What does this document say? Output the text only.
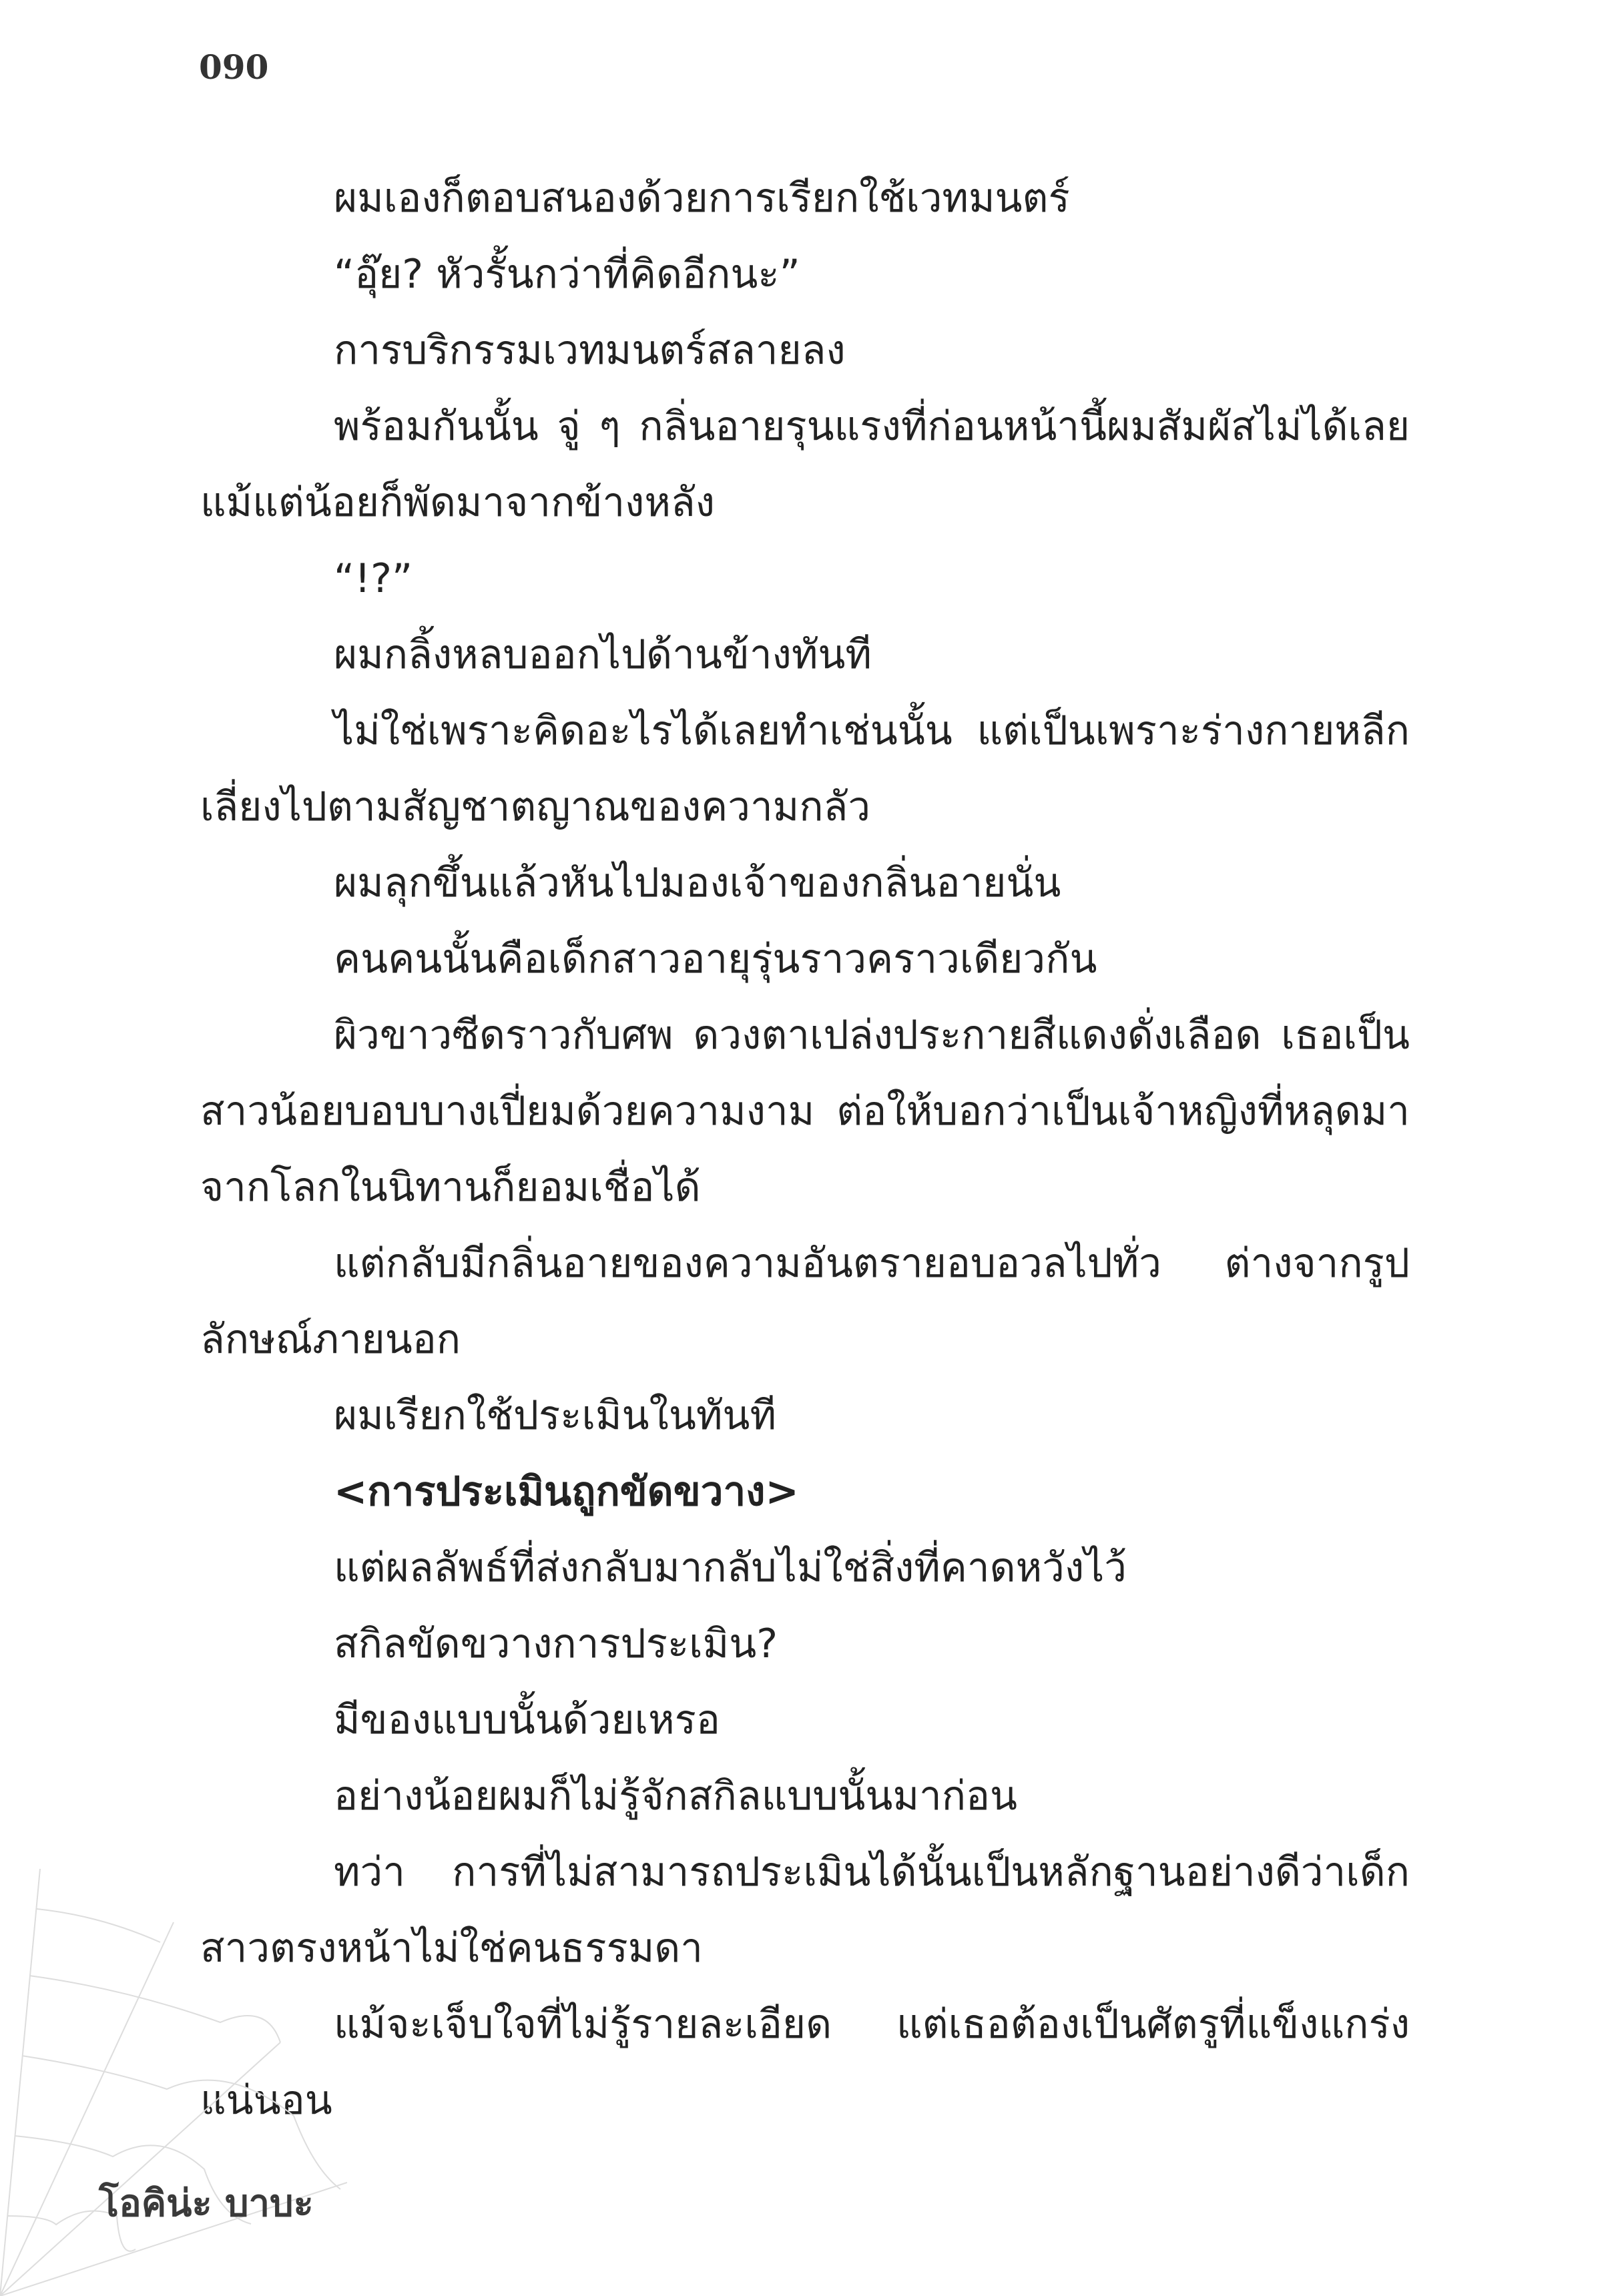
090

ผมเองก็ตอบสนองด้วยการเรียกใช้เวทมนตร์

“อุ๊ย? หัวรั้นกว่าที่คิดอีกนะ”

การบริกรรมเวทมนตร์สลายลง

พร้อมกันนั้น จู่ ๆ กลิ่นอายรุนแรงที่ก่อนหน้านี้ผมสัมผัสไม่ได้เลยแม้แต่น้อยก็พัดมาจากข้างหลัง

“!?”

ผมกลิ้งหลบออกไปด้านข้างทันที

ไม่ใช่เพราะคิดอะไรได้เลยทำเช่นนั้น แต่เป็นเพราะร่างกายหลีกเลี่ยงไปตามสัญชาตญาณของความกลัว

ผมลุกขึ้นแล้วหันไปมองเจ้าของกลิ่นอายนั่น

คนคนนั้นคือเด็กสาวอายุรุ่นราวคราวเดียวกัน

ผิวขาวซีดราวกับศพ ดวงตาเปล่งประกายสีแดงดั่งเลือด เธอเป็นสาวน้อยบอบบางเปี่ยมด้วยความงาม ต่อให้บอกว่าเป็นเจ้าหญิงที่หลุดมาจากโลกในนิทานก็ยอมเชื่อได้

แต่กลับมีกลิ่นอายของความอันตรายอบอวลไปทั่ว ต่างจากรูปลักษณ์ภายนอก

ผมเรียกใช้ประเมินในทันที

<การประเมินถูกขัดขวาง>

แต่ผลลัพธ์ที่ส่งกลับมากลับไม่ใช่สิ่งที่คาดหวังไว้

สกิลขัดขวางการประเมิน?

มีของแบบนั้นด้วยเหรอ

อย่างน้อยผมก็ไม่รู้จักสกิลแบบนั้นมาก่อน

ทว่า การที่ไม่สามารถประเมินได้นั้นเป็นหลักฐานอย่างดีว่าเด็กสาวตรงหน้าไม่ใช่คนธรรมดา

แม้จะเจ็บใจที่ไม่รู้รายละเอียด แต่เธอต้องเป็นศัตรูที่แข็งแกร่งแน่นอน

โอคิน่ะ บาบะ
